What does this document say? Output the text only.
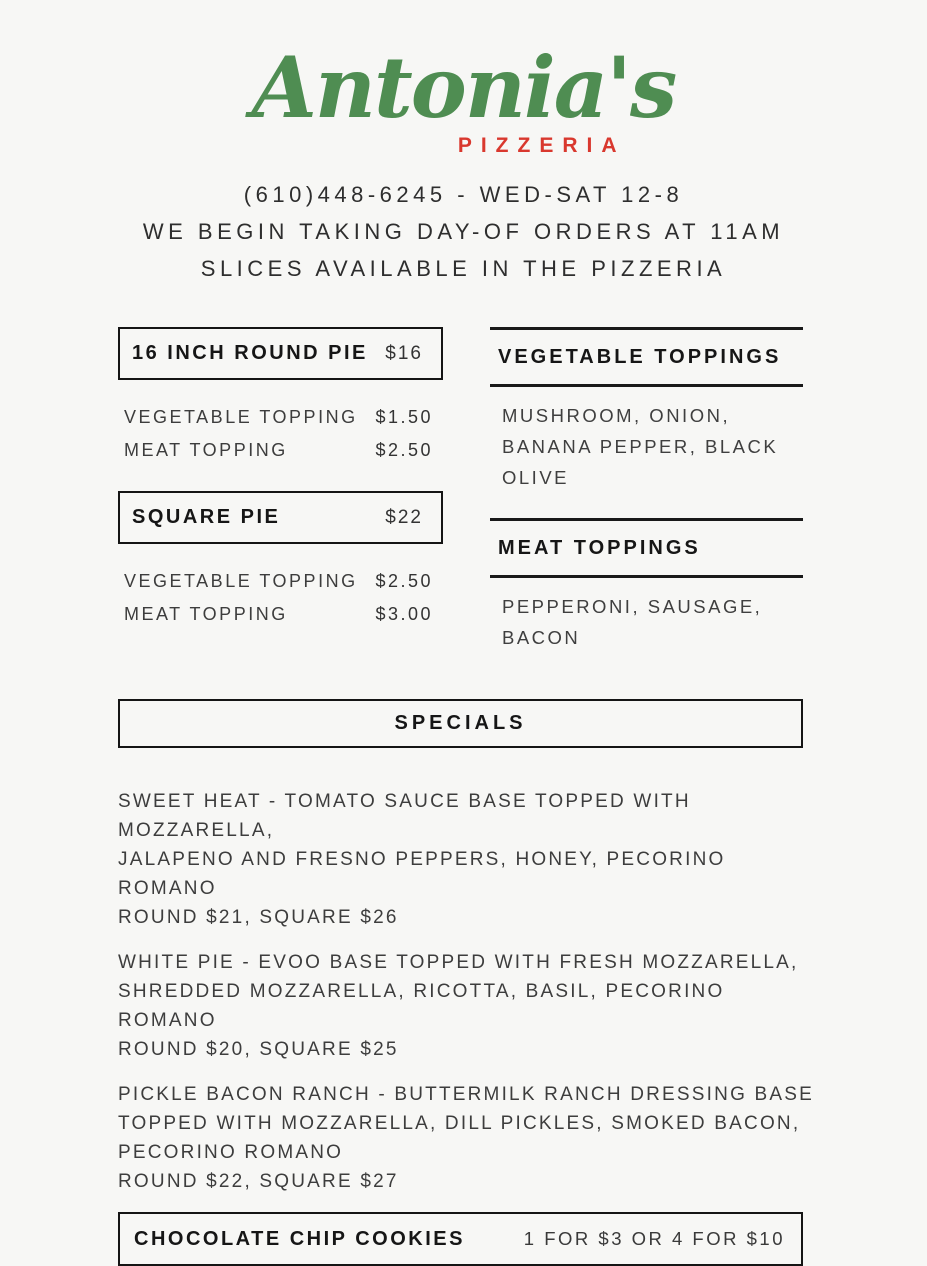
Antonia's
PIZZERIA
(610)448-6245 - WED-SAT 12-8
WE BEGIN TAKING DAY-OF ORDERS AT 11AM
SLICES AVAILABLE IN THE PIZZERIA
16 INCH ROUND PIE $16
VEGETABLE TOPPING $1.50
MEAT TOPPING	$2.50
SQUARE PIE	$22
VEGETABLE TOPPING $2.50
MEAT TOPPING	$3.00
VEGETABLE TOPPINGS
MUSHROOM, ONION,
BANANA PEPPER, BLACK
OLIVE
MEAT TOPPINGS
PEPPERONI, SAUSAGE,
BACON
SPECIALS
SWEET HEAT - TOMATO SAUCE BASE TOPPED WITH MOZZARELLA,
JALAPENO AND FRESNO PEPPERS, HONEY, PECORINO ROMANO
ROUND $21, SQUARE $26
WHITE PIE - EVOO BASE TOPPED WITH FRESH MOZZARELLA,
SHREDDED MOZZARELLA, RICOTTA, BASIL, PECORINO ROMANO
ROUND $20, SQUARE $25
PICKLE BACON RANCH - BUTTERMILK RANCH DRESSING BASE
TOPPED WITH MOZZARELLA, DILL PICKLES, SMOKED BACON,
PECORINO ROMANO
ROUND $22, SQUARE $27
CHOCOLATE CHIP COOKIES	1 FOR $3 OR 4 FOR $10
